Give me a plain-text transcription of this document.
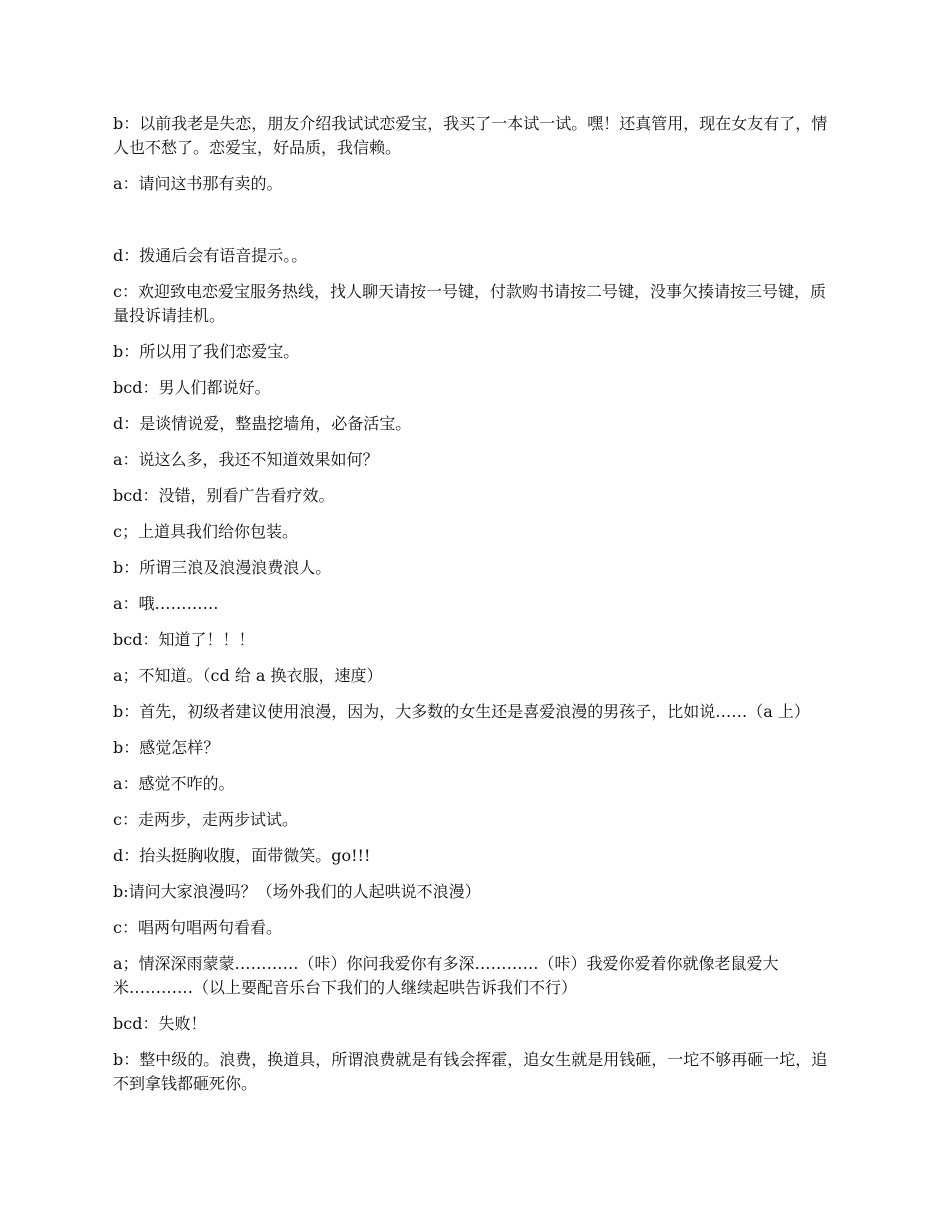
b：以前我老是失恋，朋友介绍我试试恋爱宝，我买了一本试一试。嘿！还真管用，现在女友有了，情人也不愁了。恋爱宝，好品质，我信赖。

a：请问这书那有卖的。

d：拨通后会有语音提示。。

c：欢迎致电恋爱宝服务热线，找人聊天请按一号键，付款购书请按二号键，没事欠揍请按三号键，质量投诉请挂机。

b：所以用了我们恋爱宝。

bcd：男人们都说好。

d：是谈情说爱，整蛊挖墙角，必备活宝。

a：说这么多，我还不知道效果如何？

bcd：没错，别看广告看疗效。

c；上道具我们给你包装。

b：所谓三浪及浪漫浪费浪人。

a：哦…………

bcd：知道了！！！

a；不知道。（cd 给 a 换衣服，速度）

b：首先，初级者建议使用浪漫，因为，大多数的女生还是喜爱浪漫的男孩子，比如说……（a 上）

b：感觉怎样？

a：感觉不咋的。

c：走两步，走两步试试。

d：抬头挺胸收腹，面带微笑。go!!!

b:请问大家浪漫吗？（场外我们的人起哄说不浪漫）

c：唱两句唱两句看看。

a；情深深雨蒙蒙…………（咔）你问我爱你有多深…………（咔）我爱你爱着你就像老鼠爱大米…………（以上要配音乐台下我们的人继续起哄告诉我们不行）

bcd：失败！

b：整中级的。浪费，换道具，所谓浪费就是有钱会挥霍，追女生就是用钱砸，一坨不够再砸一坨，追不到拿钱都砸死你。
